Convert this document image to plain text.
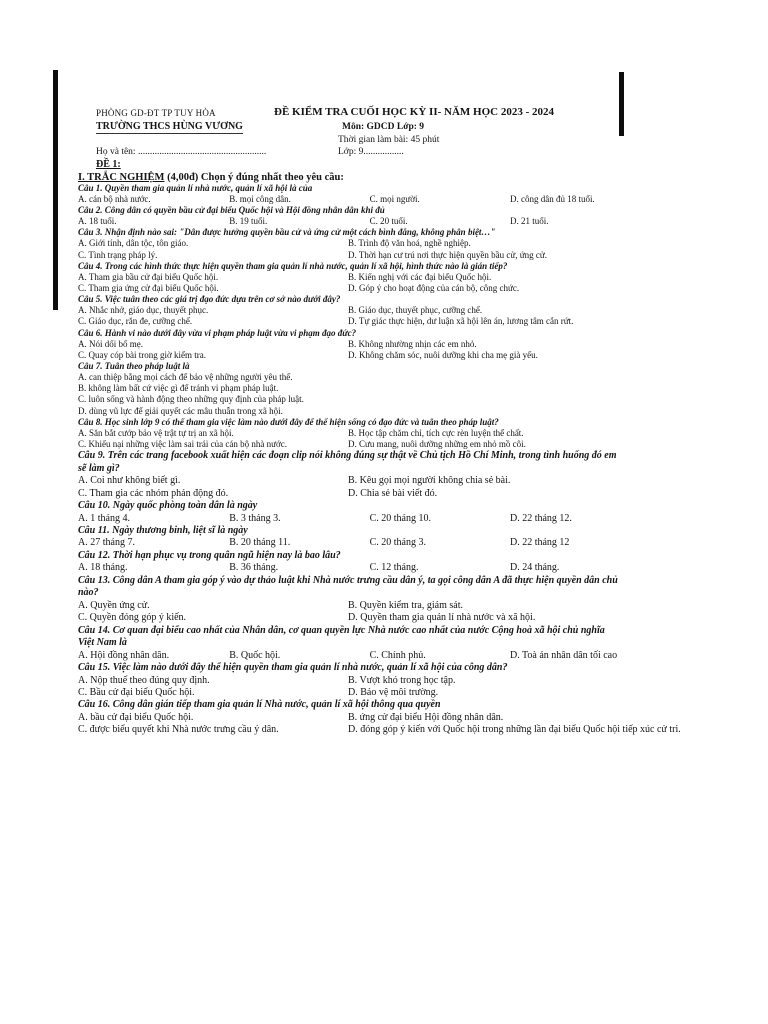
PHÒNG GD-ĐT TP TUY HÒA	ĐỀ KIỂM TRA CUỐI HỌC KỲ II- NĂM HỌC 2023 - 2024
TRƯỜNG THCS HÙNG VƯƠNG	Môn: GDCD Lớp: 9
Thời gian làm bài: 45 phút
Họ và tên: ......................................................	Lớp: 9.................
ĐỀ 1:
I. TRẮC NGHIỆM (4,00đ) Chọn ý đúng nhất theo yêu cầu:
Câu 1. Quyền tham gia quản lí nhà nước, quản lí xã hội là của
A. cán bộ nhà nước.	B. mọi công dân.	C. mọi người.	D. công dân đủ 18 tuổi.
Câu 2. Công dân có quyền bầu cử đại biểu Quốc hội và Hội đồng nhân dân khi đủ
A. 18 tuổi.	B. 19 tuổi.	C. 20 tuổi.	D. 21 tuổi.
Câu 3. Nhận định nào sai: "Dân được hưởng quyền bầu cử và ứng cử một cách bình đẳng, không phân biệt…"
A. Giới tính, dân tộc, tôn giáo.	B. Trình độ văn hoá, nghề nghiệp.
C. Tình trạng pháp lý.	D. Thời hạn cư trú nơi thực hiện quyền bầu cử, ứng cử.
Câu 4. Trong các hình thức thực hiện quyền tham gia quản lí nhà nước, quản lí xã hội, hình thức nào là gián tiếp?
A. Tham gia bầu cử đại biểu Quốc hội.	B. Kiến nghị với các đại biểu Quốc hội.
C. Tham gia ứng cử đại biểu Quốc hội.	D. Góp ý cho hoạt động của cán bộ, công chức.
Câu 5. Việc tuân theo các giá trị đạo đức dựa trên cơ sở nào dưới đây?
A. Nhắc nhở, giáo dục, thuyết phục.	B. Giáo dục, thuyết phục, cưỡng chế.
C. Giáo dục, răn đe, cưỡng chế.	D. Tự giác thực hiện, dư luận xã hội lên án, lương tâm cắn rứt.
Câu 6. Hành vi nào dưới đây vừa vi phạm pháp luật vừa vi phạm đạo đức?
A. Nói dối bố mẹ.	B. Không nhường nhịn các em nhỏ.
C. Quay cóp bài trong giờ kiểm tra.	D. Không chăm sóc, nuôi dưỡng khi cha mẹ già yếu.
Câu 7. Tuân theo pháp luật là
A. can thiệp bằng mọi cách để bảo vệ những người yêu thế.
B. không làm bất cứ việc gì để tránh vi phạm pháp luật.
C. luôn sống và hành động theo những quy định của pháp luật.
D. dùng vũ lực để giải quyết các mâu thuẫn trong xã hội.
Câu 8. Học sinh lớp 9 có thể tham gia việc làm nào dưới đây để thể hiện sống có đạo đức và tuân theo pháp luật?
A. Săn bắt cướp bảo vệ trật tự trị an xã hội.	B. Học tập chăm chỉ, tích cực rèn luyện thể chất.
C. Khiếu nại những việc làm sai trái của cán bộ nhà nước.	D. Cưu mang, nuôi dưỡng những em nhỏ mồ côi.
Câu 9. Trên các trang facebook xuất hiện các đoạn clip nói không đúng sự thật về Chủ tịch Hồ Chí Minh, trong tình huống đó em sẽ làm gì?
A. Coi như không biết gì.	B. Kêu gọi mọi người không chia sẻ bài.
C. Tham gia các nhóm phản động đó.	D. Chia sẻ bài viết đó.
Câu 10. Ngày quốc phòng toàn dân là ngày
A. 1 tháng 4.	B. 3 tháng 3.	C. 20 tháng 10.	D. 22 tháng 12.
Câu 11. Ngày thương binh, liệt sĩ là ngày
A. 27 tháng 7.	B. 20 tháng 11.	C. 20 tháng 3.	D. 22 tháng 12
Câu 12. Thời hạn phục vụ trong quân ngũ hiện nay là bao lâu?
A. 18 tháng.	B. 36 tháng.	C. 12 tháng.	D. 24 tháng.
Câu 13. Công dân A tham gia góp ý vào dự thảo luật khi Nhà nước trưng cầu dân ý, ta gọi công dân A đã thực hiện quyền dân chủ nào?
A. Quyền ứng cử.	B. Quyền kiểm tra, giám sát.
C. Quyền đóng góp ý kiến.	D. Quyền tham gia quản lí nhà nước và xã hội.
Câu 14. Cơ quan đại biểu cao nhất của Nhân dân, cơ quan quyền lực Nhà nước cao nhất của nước Cộng hoà xã hội chủ nghĩa Việt Nam là
A. Hội đồng nhân dân.	B. Quốc hội.	C. Chính phủ.	D. Toà án nhân dân tối cao
Câu 15. Việc làm nào dưới đây thể hiện quyền tham gia quản lí nhà nước, quản lí xã hội của công dân?
A. Nộp thuế theo đúng quy định.	B. Vượt khó trong học tập.
C. Bầu cử đại biểu Quốc hội.	D. Bảo vệ môi trường.
Câu 16. Công dân gián tiếp tham gia quản lí Nhà nước, quản lí xã hội thông qua quyền
A. bầu cử đại biểu Quốc hội.	B. ứng cử đại biểu Hội đồng nhân dân.
C. được biểu quyết khi Nhà nước trưng cầu ý dân.	D. đóng góp ý kiến với Quốc hội trong những lần đại biểu Quốc hội tiếp xúc cử tri.
